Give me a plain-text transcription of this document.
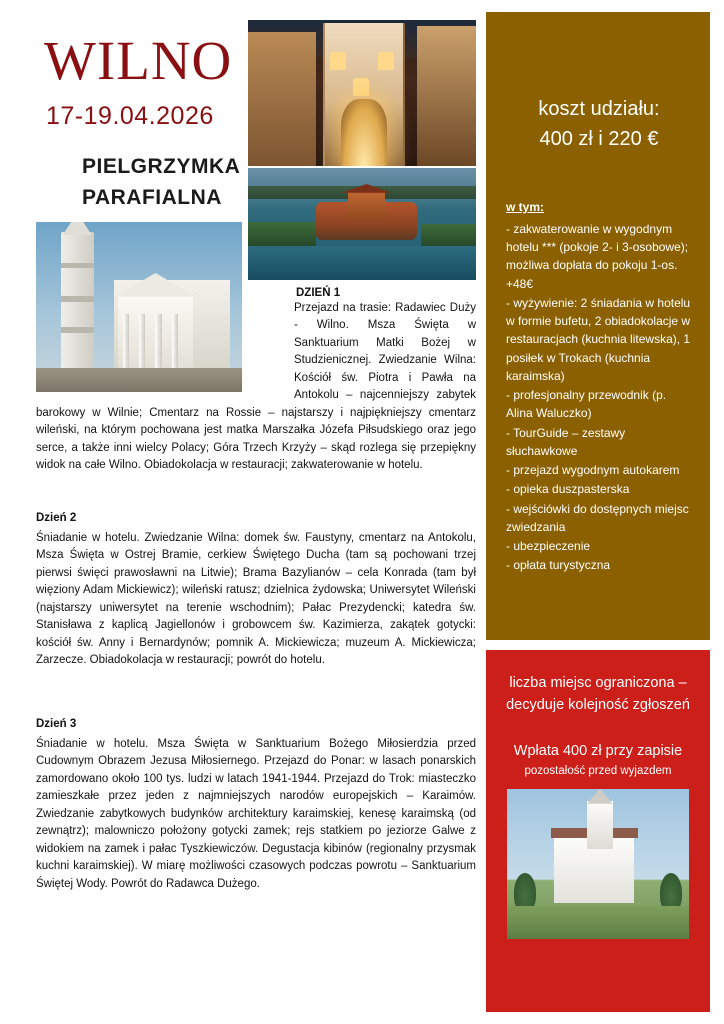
WILNO
17-19.04.2026
PIELGRZYMKA
PARAFIALNA
DZIEŃ 1

Przejazd na trasie: Radawiec Duży - Wilno. Msza Święta w Sanktuarium Matki Bożej w Studzienicznej. Zwiedzanie Wilna: Kościół św. Piotra i Pawła na Antokolu – najcenniejszy zabytek barokowy w Wilnie; Cmentarz na Rossie – najstarszy i najpiękniejszy cmentarz wileński, na którym pochowana jest matka Marszałka Józefa Piłsudskiego oraz jego serce, a także inni wielcy Polacy; Góra Trzech Krzyży – skąd rozlega się przepiękny widok na całe Wilno. Obiadokolacja w restauracji; zakwaterowanie w hotelu.

Dzień 2

Śniadanie w hotelu. Zwiedzanie Wilna: domek św. Faustyny, cmentarz na Antokolu, Msza Święta w Ostrej Bramie, cerkiew Świętego Ducha (tam są pochowani trzej pierwsi święci prawosławni na Litwie); Brama Bazylianów – cela Konrada (tam był więziony Adam Mickiewicz); wileński ratusz; dzielnica żydowska; Uniwersytet Wileński (najstarszy uniwersytet na terenie wschodnim); Pałac Prezydencki; katedra św. Stanisława z kaplicą Jagiellonów i grobowcem św. Kazimierza, zakątek gotycki: kościół św. Anny i Bernardynów; pomnik A. Mickiewicza; muzeum A. Mickiewicza; Zarzecze. Obiadokolacja w restauracji; powrót do hotelu.

Dzień 3

Śniadanie w hotelu. Msza Święta w Sanktuarium Bożego Miłosierdzia przed Cudownym Obrazem Jezusa Miłosiernego. Przejazd do Ponar: w lasach ponarskich zamordowano około 100 tys. ludzi w latach 1941-1944. Przejazd do Trok: miasteczko zamieszkałe przez jeden z najmniejszych narodów europejskich – Karaimów. Zwiedzanie zabytkowych budynków architektury karaimskiej, kenesę karaimską (od zewnątrz); malowniczo położony gotycki zamek; rejs statkiem po jeziorze Galwe z widokiem na zamek i pałac Tyszkiewiczów. Degustacja kibinów (regionalny przysmak kuchni karaimskiej). W miarę możliwości czasowych podczas powrotu – Sanktuarium Świętej Wody. Powrót do Radawca Dużego.

koszt udziału:
400 zł i 220 €
w tym:
- zakwaterowanie w wygodnym hotelu *** (pokoje 2- i 3-osobowe); możliwa dopłata do pokoju 1-os. +48€
- wyżywienie: 2 śniadania w hotelu w formie bufetu, 2 obiadokolacje w restauracjach (kuchnia litewska), 1 posiłek w Trokach (kuchnia karaimska)
- profesjonalny przewodnik (p. Alina Waluczko)
- TourGuide – zestawy słuchawkowe
- przejazd wygodnym autokarem
- opieka duszpasterska
- wejściówki do dostępnych miejsc zwiedzania
- ubezpieczenie
- opłata turystyczna
liczba miejsc ograniczona – decyduje kolejność zgłoszeń
Wpłata 400 zł przy zapisie
pozostałość przed wyjazdem
